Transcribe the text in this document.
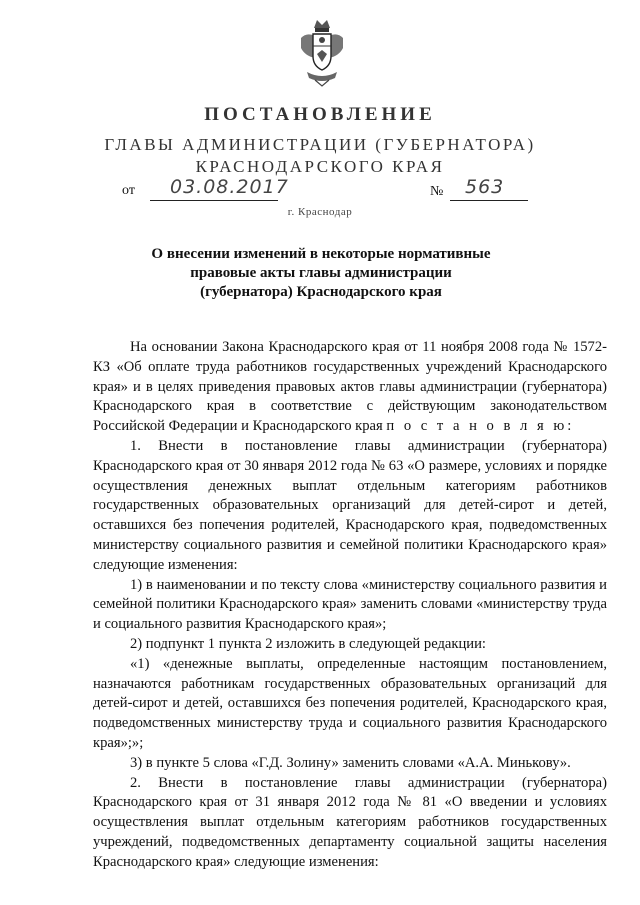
ПОСТАНОВЛЕНИЕ
ГЛАВЫ АДМИНИСТРАЦИИ (ГУБЕРНАТОРА)
КРАСНОДАРСКОГО КРАЯ
от 03.08.2017	№ 563
г. Краснодар
О внесении изменений в некоторые нормативные
правовые акты главы администрации
(губернатора) Краснодарского края

На основании Закона Краснодарского края от 11 ноября 2008 года № 1572-КЗ «Об оплате труда работников государственных учреждений Краснодарского края» и в целях приведения правовых актов главы администрации (губернатора) Краснодарского края в соответствие с действующим законодательством Российской Федерации и Краснодарского края п о с т а н о в л я ю:

1. Внести в постановление главы администрации (губернатора) Краснодарского края от 30 января 2012 года № 63 «О размере, условиях и порядке осуществления денежных выплат отдельным категориям работников государственных образовательных организаций для детей-сирот и детей, оставшихся без попечения родителей, Краснодарского края, подведомственных министерству социального развития и семейной политики Краснодарского края» следующие изменения:

1) в наименовании и по тексту слова «министерству социального развития и семейной политики Краснодарского края» заменить словами «министерству труда и социального развития Краснодарского края»;

2) подпункт 1 пункта 2 изложить в следующей редакции:

«1) «денежные выплаты, определенные настоящим постановлением, назначаются работникам государственных образовательных организаций для детей-сирот и детей, оставшихся без попечения родителей, Краснодарского края, подведомственных министерству труда и социального развития Краснодарского края»;»;

3) в пункте 5 слова «Г.Д. Золину» заменить словами «А.А. Минькову».

2. Внести в постановление главы администрации (губернатора) Краснодарского края от 31 января 2012 года № 81 «О введении и условиях осуществления выплат отдельным категориям работников государственных учреждений, подведомственных департаменту социальной защиты населения Краснодарского края» следующие изменения:
